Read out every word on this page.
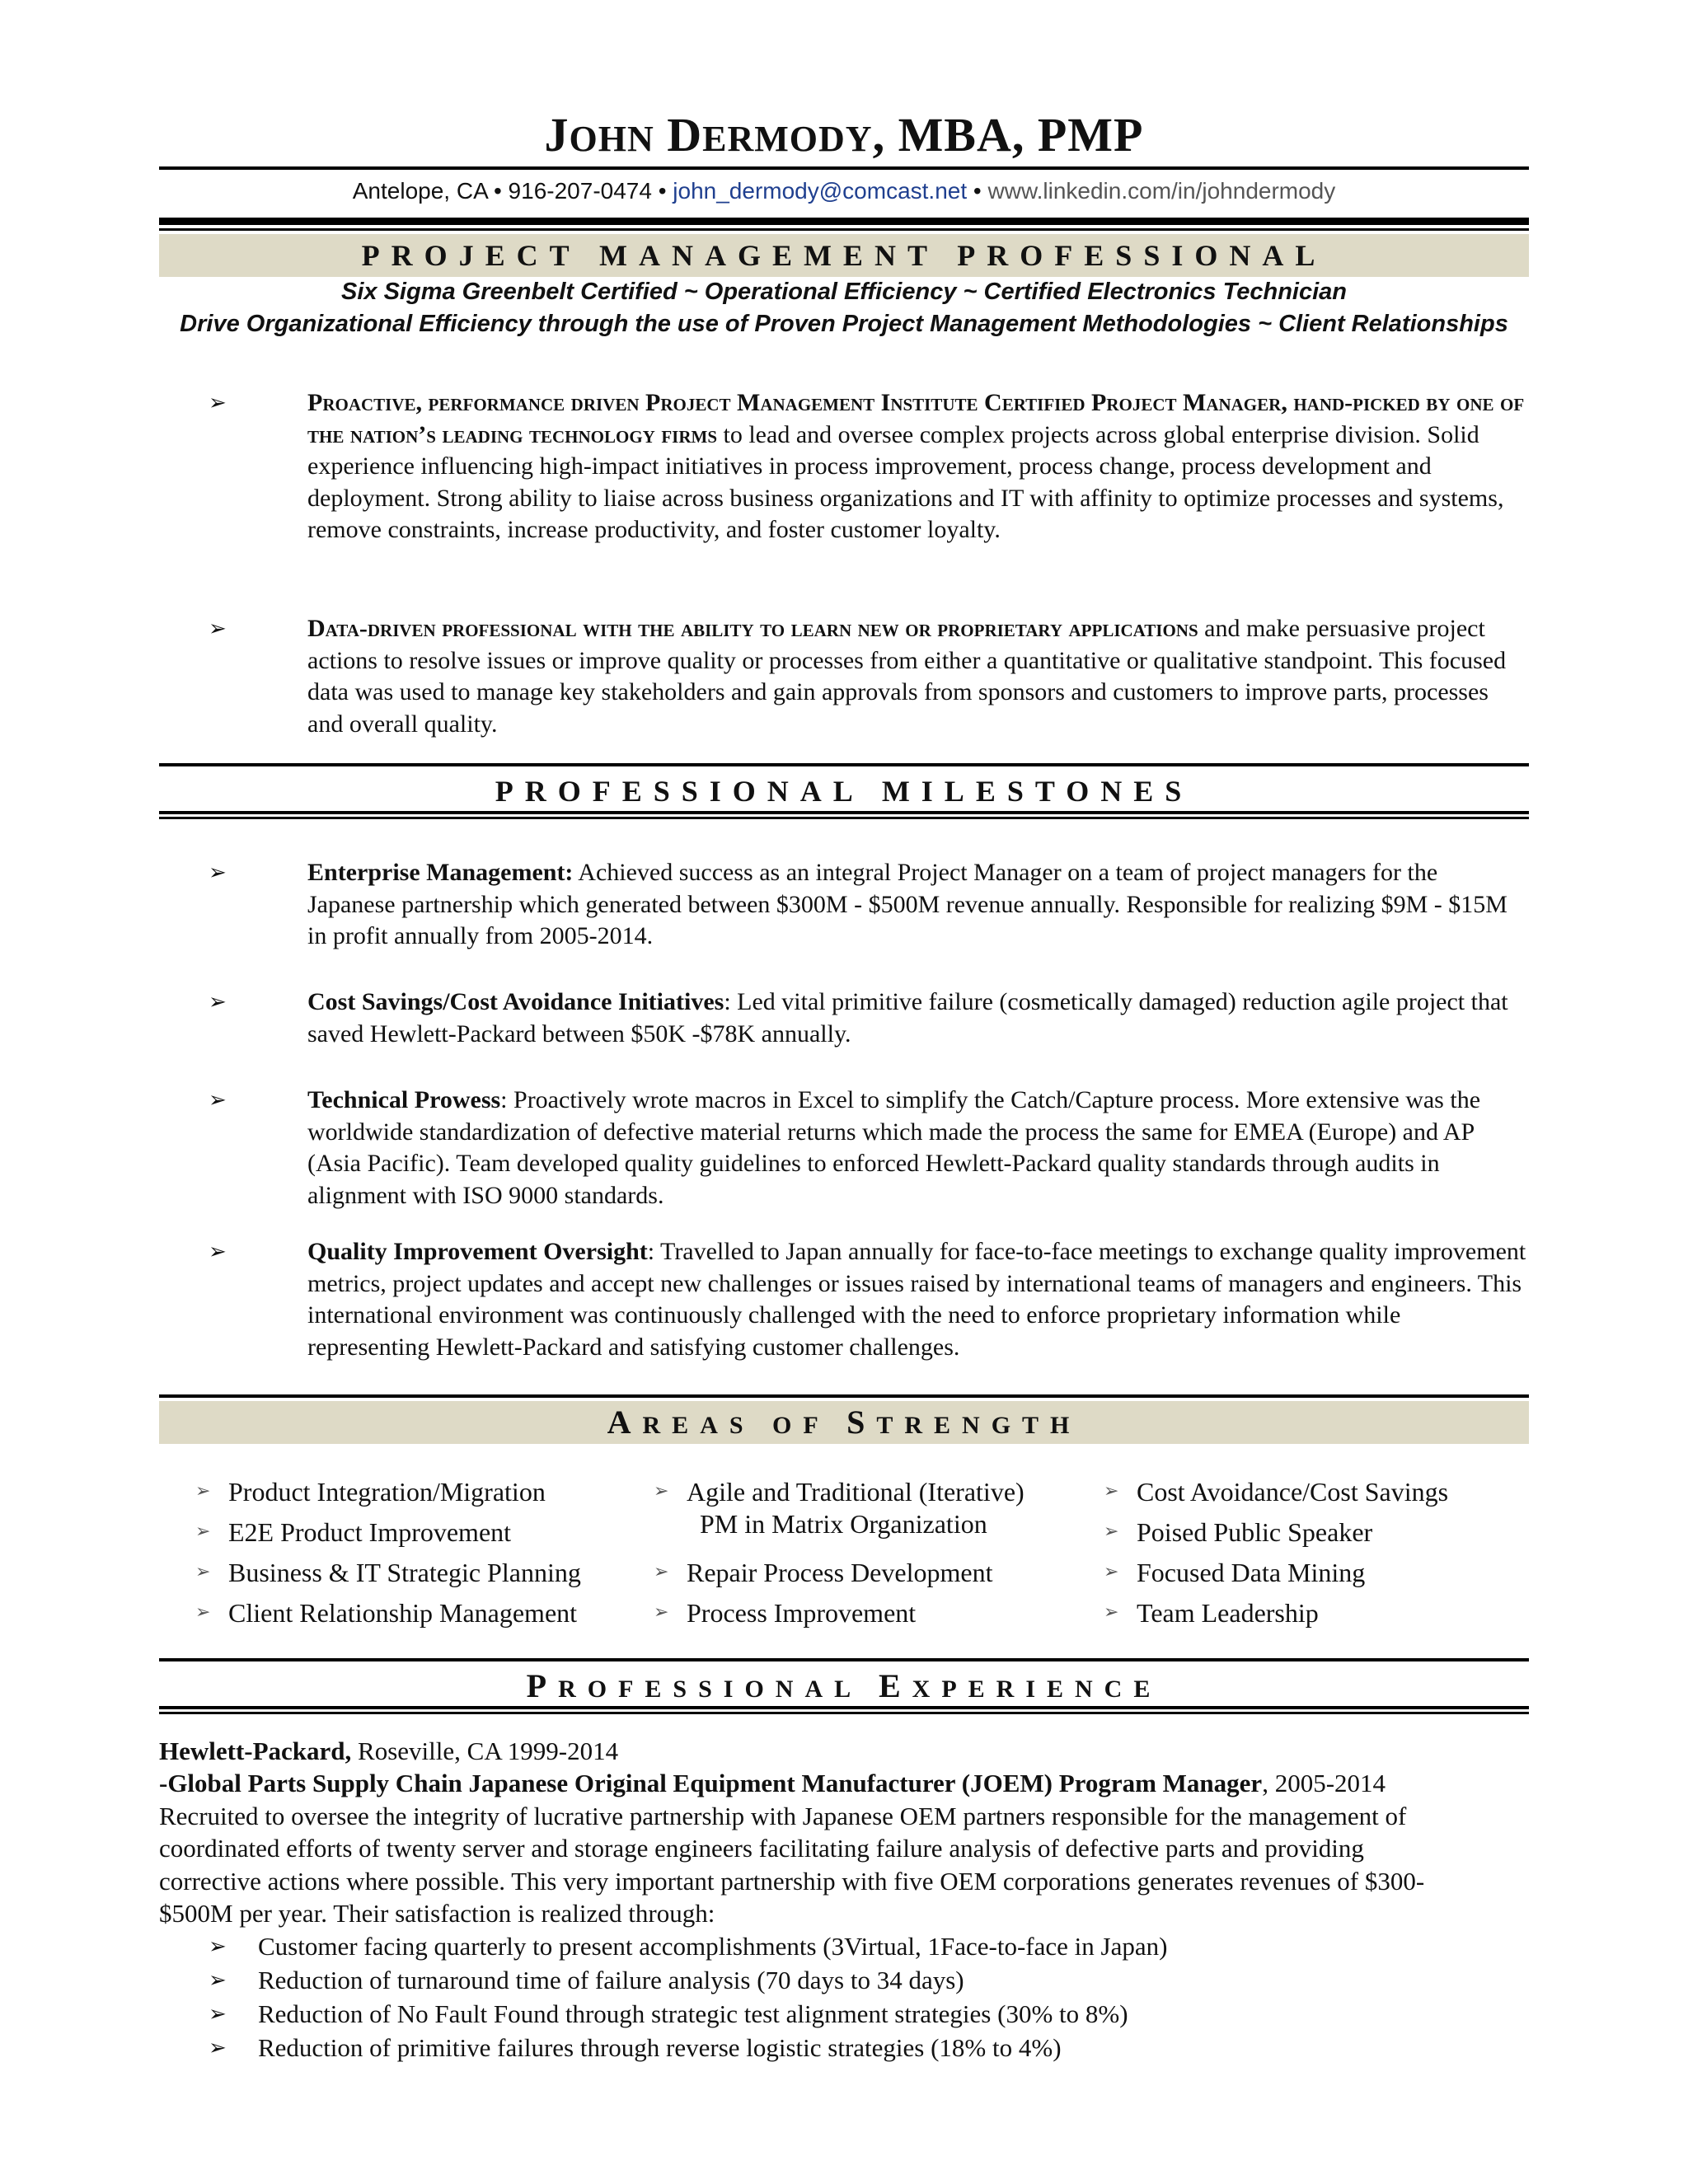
JOHN DERMODY, MBA, PMP
Antelope, CA • 916-207-0474 • john_dermody@comcast.net • www.linkedin.com/in/johndermody
PROJECT MANAGEMENT PROFESSIONAL
Six Sigma Greenbelt Certified ~ Operational Efficiency ~ Certified Electronics Technician
Drive Organizational Efficiency through the use of Proven Project Management Methodologies ~ Client Relationships
➢	Proactive, performance driven Project Management Institute Certified Project Manager, hand-picked by one of the nation’s leading technology firms to lead and oversee complex projects across global enterprise division. Solid experience influencing high-impact initiatives in process improvement, process change, process development and deployment. Strong ability to liaise across business organizations and IT with affinity to optimize processes and systems, remove constraints, increase productivity, and foster customer loyalty.
➢	Data-driven professional with the ability to learn new or proprietary applications and make persuasive project actions to resolve issues or improve quality or processes from either a quantitative or qualitative standpoint. This focused data was used to manage key stakeholders and gain approvals from sponsors and customers to improve parts, processes and overall quality.
PROFESSIONAL MILESTONES
➢	Enterprise Management: Achieved success as an integral Project Manager on a team of project managers for the Japanese partnership which generated between $300M - $500M revenue annually. Responsible for realizing $9M - $15M in profit annually from 2005-2014.
➢	Cost Savings/Cost Avoidance Initiatives: Led vital primitive failure (cosmetically damaged) reduction agile project that saved Hewlett-Packard between $50K -$78K annually.
➢	Technical Prowess: Proactively wrote macros in Excel to simplify the Catch/Capture process. More extensive was the worldwide standardization of defective material returns which made the process the same for EMEA (Europe) and AP (Asia Pacific). Team developed quality guidelines to enforced Hewlett-Packard quality standards through audits in alignment with ISO 9000 standards.
➢	Quality Improvement Oversight: Travelled to Japan annually for face-to-face meetings to exchange quality improvement metrics, project updates and accept new challenges or issues raised by international teams of managers and engineers. This international environment was continuously challenged with the need to enforce proprietary information while representing Hewlett-Packard and satisfying customer challenges.
AREAS OF STRENGTH
➢ Product Integration/Migration
➢ E2E Product Improvement
➢ Business & IT Strategic Planning
➢ Client Relationship Management
➢ Agile and Traditional (Iterative)
PM in Matrix Organization
➢ Repair Process Development
➢ Process Improvement
➢ Cost Avoidance/Cost Savings
➢ Poised Public Speaker
➢ Focused Data Mining
➢ Team Leadership
PROFESSIONAL EXPERIENCE
Hewlett-Packard, Roseville, CA 1999-2014
-Global Parts Supply Chain Japanese Original Equipment Manufacturer (JOEM) Program Manager, 2005-2014
Recruited to oversee the integrity of lucrative partnership with Japanese OEM partners responsible for the management of
coordinated efforts of twenty server and storage engineers facilitating failure analysis of defective parts and providing
corrective actions where possible. This very important partnership with five OEM corporations generates revenues of $300-
$500M per year. Their satisfaction is realized through:
➢ Customer facing quarterly to present accomplishments (3Virtual, 1Face-to-face in Japan)
➢ Reduction of turnaround time of failure analysis (70 days to 34 days)
➢ Reduction of No Fault Found through strategic test alignment strategies (30% to 8%)
➢ Reduction of primitive failures through reverse logistic strategies (18% to 4%)
